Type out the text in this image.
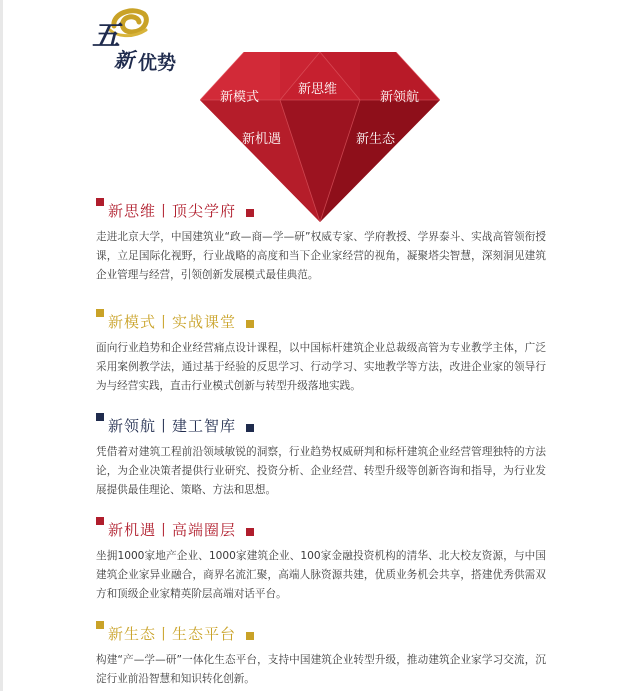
五
新 优势
新思维
新模式	新领航
新机遇	新生态
新思维丨顶尖学府

走进北京大学，中国建筑业“政—商—学—研”权威专家、学府教授、学界泰斗、实战高管领衔授课，立足国际化视野，行业战略的高度和当下企业家经营的视角，凝聚塔尖智慧，深刻洞见建筑企业管理与经营，引领创新发展模式最佳典范。

新模式丨实战课堂

面向行业趋势和企业经营痛点设计课程，以中国标杆建筑企业总裁级高管为专业教学主体，广泛采用案例教学法，通过基于经验的反思学习、行动学习、实地教学等方法，改进企业家的领导行为与经营实践，直击行业模式创新与转型升级落地实践。

新领航丨建工智库

凭借着对建筑工程前沿领域敏锐的洞察，行业趋势权威研判和标杆建筑企业经营管理独特的方法论，为企业决策者提供行业研究、投资分析、企业经营、转型升级等创新咨询和指导，为行业发展提供最佳理论、策略、方法和思想。

新机遇丨高端圈层

坐拥1000家地产企业、1000家建筑企业、100家金融投资机构的清华、北大校友资源，与中国建筑企业家异业融合，商界名流汇聚，高端人脉资源共建，优质业务机会共享，搭建优秀供需双方和顶级企业家精英阶层高端对话平台。

新生态丨生态平台

构建“产—学—研”一体化生态平台，支持中国建筑企业转型升级，推动建筑企业家学习交流，沉淀行业前沿智慧和知识转化创新。
